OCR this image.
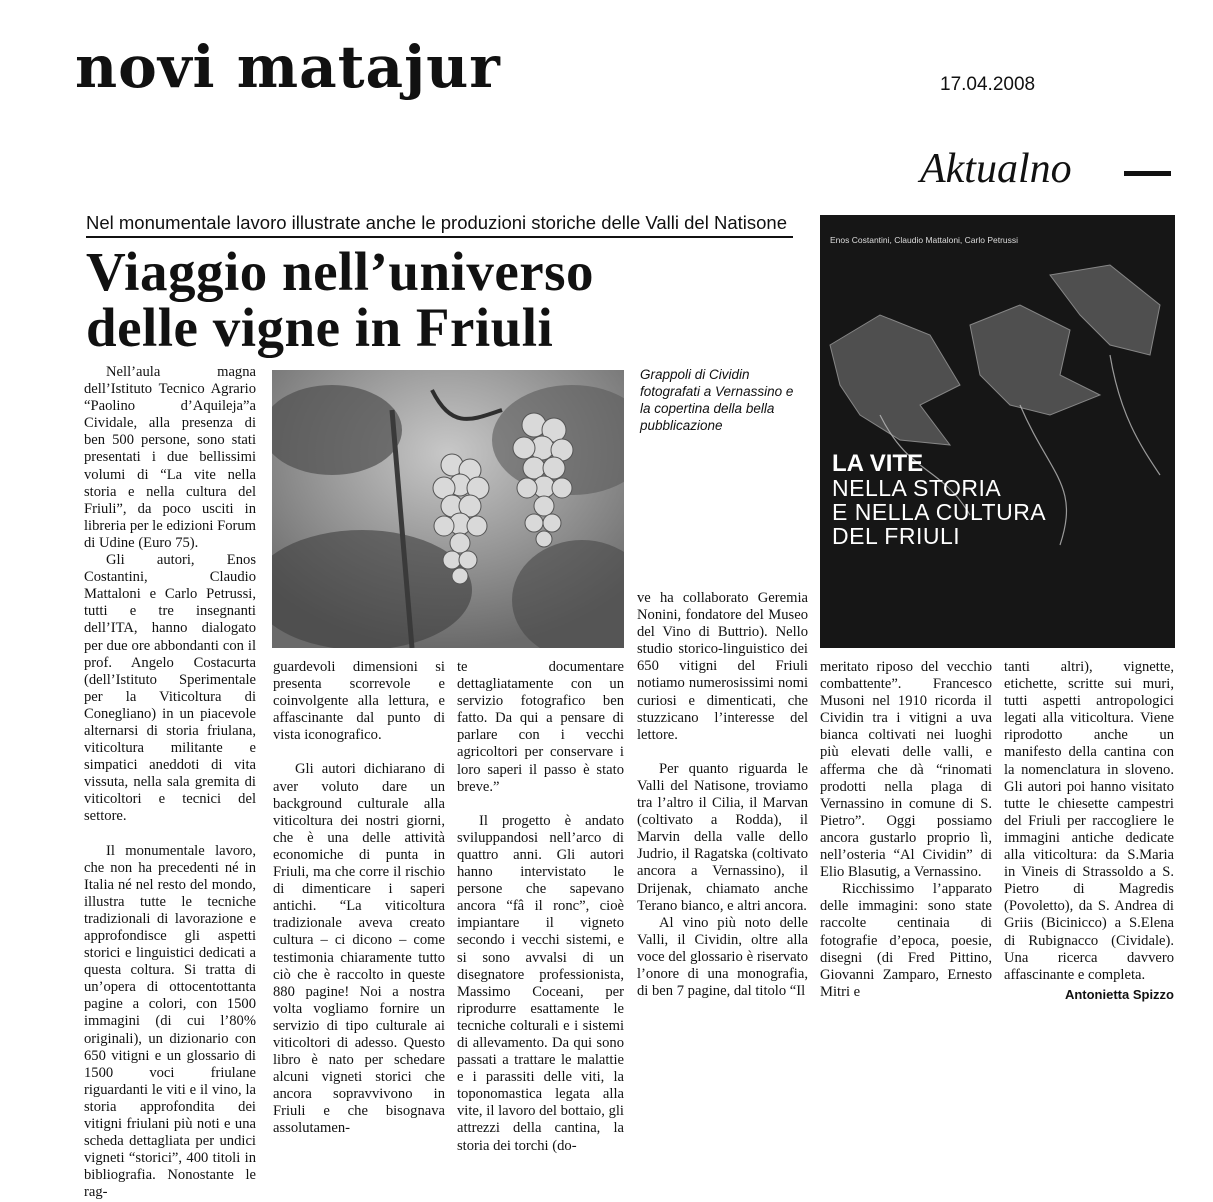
novi matajur	17.04.2008
Aktualno
Nel monumentale lavoro illustrate anche le produzioni storiche delle Valli del Natisone
Viaggio nell’universo
delle vigne in Friuli
Grappoli di Cividin fotografati a Vernassino e la copertina della bella pubblicazione
Enos Costantini, Claudio Mattaloni, Carlo Petrussi
LA VITE
NELLA STORIA
E NELLA CULTURA
DEL FRIULI

Nell’aula magna dell’Istituto Tecnico Agrario “Paolino d’Aquileja”a Cividale, alla presenza di ben 500 persone, sono stati presentati i due bellissimi volumi di “La vite nella storia e nella cultura del Friuli”, da poco usciti in libreria per le edizioni Forum di Udine (Euro 75).

Gli autori, Enos Costantini, Claudio Mattaloni e Carlo Petrussi, tutti e tre insegnanti dell’ITA, hanno dialogato per due ore abbondanti con il prof. Angelo Costacurta (dell’Istituto Sperimentale per la Viticoltura di Conegliano) in un piacevole alternarsi di storia friulana, viticoltura militante e simpatici aneddoti di vita vissuta, nella sala gremita di viticoltori e tecnici del settore.

Il monumentale lavoro, che non ha precedenti né in Italia né nel resto del mondo, illustra tutte le tecniche tradizionali di lavorazione e approfondisce gli aspetti storici e linguistici dedicati a questa coltura. Si tratta di un’opera di ottocentottanta pagine a colori, con 1500 immagini (di cui l’80% originali), un dizionario con 650 vitigni e un glossario di 1500 voci friulane riguardanti le viti e il vino, la storia approfondita dei vitigni friulani più noti e una scheda dettagliata per undici vigneti “storici”, 400 titoli in bibliografia. Nonostante le rag-

guardevoli dimensioni si presenta scorrevole e coinvolgente alla lettura, e affascinante dal punto di vista iconografico.

Gli autori dichiarano di aver voluto dare un background culturale alla viticoltura dei nostri giorni, che è una delle attività economiche di punta in Friuli, ma che corre il rischio di dimenticare i saperi antichi. “La viticoltura tradizionale aveva creato cultura – ci dicono – come testimonia chiaramente tutto ciò che è raccolto in queste 880 pagine! Noi a nostra volta vogliamo fornire un servizio di tipo culturale ai viticoltori di adesso. Questo libro è nato per schedare alcuni vigneti storici che ancora sopravvivono in Friuli e che bisognava assolutamen-

te documentare dettagliatamente con un servizio fotografico ben fatto. Da qui a pensare di parlare con i vecchi agricoltori per conservare i loro saperi il passo è stato breve.”

Il progetto è andato sviluppandosi nell’arco di quattro anni. Gli autori hanno intervistato le persone che sapevano ancora “fâ il ronc”, cioè impiantare il vigneto secondo i vecchi sistemi, e si sono avvalsi di un disegnatore professionista, Massimo Coceani, per riprodurre esattamente le tecniche colturali e i sistemi di allevamento. Da qui sono passati a trattare le malattie e i parassiti delle viti, la toponomastica legata alla vite, il lavoro del bottaio, gli attrezzi della cantina, la storia dei torchi (do-

ve ha collaborato Geremia Nonini, fondatore del Museo del Vino di Buttrio). Nello studio storico-linguistico dei 650 vitigni del Friuli notiamo numerosissimi nomi curiosi e dimenticati, che stuzzicano l’interesse del lettore.

Per quanto riguarda le Valli del Natisone, troviamo tra l’altro il Cilia, il Marvan (coltivato a Rodda), il Marvin della valle dello Judrio, il Ragatska (coltivato ancora a Vernassino), il Drijenak, chiamato anche Terano bianco, e altri ancora.

Al vino più noto delle Valli, il Cividin, oltre alla voce del glossario è riservato l’onore di una monografia, di ben 7 pagine, dal titolo “Il

meritato riposo del vecchio combattente”. Francesco Musoni nel 1910 ricorda il Cividin tra i vitigni a uva bianca coltivati nei luoghi più elevati delle valli, e afferma che dà “rinomati prodotti nella plaga di Vernassino in comune di S. Pietro”. Oggi possiamo ancora gustarlo proprio lì, nell’osteria “Al Cividin” di Elio Blasutig, a Vernassino.

Ricchissimo l’apparato delle immagini: sono state raccolte centinaia di fotografie d’epoca, poesie, disegni (di Fred Pittino, Giovanni Zamparo, Ernesto Mitri e

tanti altri), vignette, etichette, scritte sui muri, tutti aspetti antropologici legati alla viticoltura. Viene riprodotto anche un manifesto della cantina con la nomenclatura in sloveno. Gli autori poi hanno visitato tutte le chiesette campestri del Friuli per raccogliere le immagini antiche dedicate alla viticoltura: da S.Maria in Vineis di Strassoldo a S. Pietro di Magredis (Povoletto), da S. Andrea di Griis (Bicinicco) a S.Elena di Rubignacco (Cividale). Una ricerca davvero affascinante e completa.

Antonietta Spizzo
